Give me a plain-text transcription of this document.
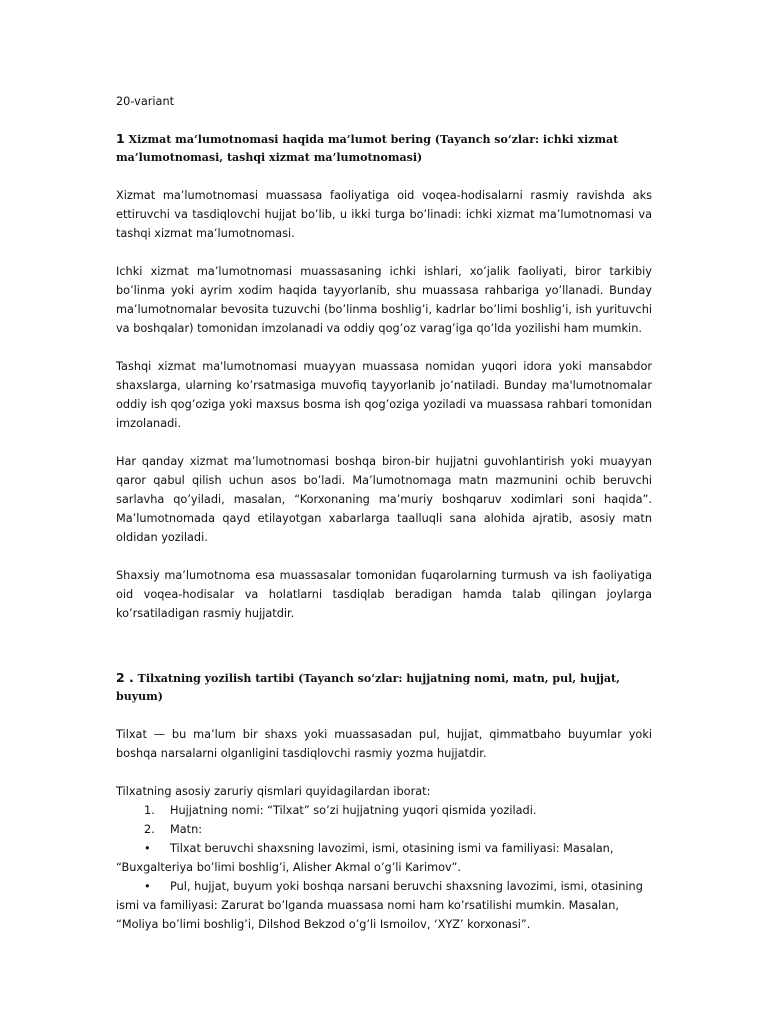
20-variant

1 Xizmat ma’lumotnomasi haqida ma’lumot bering (Tayanch so‘zlar: ichki xizmat ma’lumotnomasi, tashqi xizmat ma’lumotnomasi)

Xizmat ma’lumotnomasi muassasa faoliyatiga oid voqea-hodisalarni rasmiy ravishda aks ettiruvchi va tasdiqlovchi hujjat bo’lib, u ikki turga bo’linadi: ichki xizmat ma’lumotnomasi va tashqi xizmat ma’lumotnomasi.

Ichki xizmat ma’lumotnomasi muassasaning ichki ishlari, xo’jalik faoliyati, biror tarkibiy bo’linma yoki ayrim xodim haqida tayyorlanib, shu muassasa rahbariga yo’llanadi. Bunday ma’lumotnomalar bevosita tuzuvchi (bo’linma boshlig’i, kadrlar bo’limi boshlig’i, ish yurituvchi va boshqalar) tomonidan imzolanadi va oddiy qog’oz varag’iga qo’lda yozilishi ham mumkin.

Tashqi xizmat ma'lumotnomasi muayyan muassasa nomidan yuqori idora yoki mansabdor shaxslarga, ularning ko’rsatmasiga muvofiq tayyorlanib jo’natiladi. Bunday ma'lumotnomalar oddiy ish qog’oziga yoki maxsus bosma ish qog’oziga yoziladi va muassasa rahbari tomonidan imzolanadi.

Har qanday xizmat ma’lumotnomasi boshqa biron-bir hujjatni guvohlantirish yoki muayyan qaror qabul qilish uchun asos bo’ladi. Ma’lumotnomaga matn mazmunini ochib beruvchi sarlavha qo’yiladi, masalan, “Korxonaning ma’muriy boshqaruv xodimlari soni haqida”. Ma’lumotnomada qayd etilayotgan xabarlarga taalluqli sana alohida ajratib, asosiy matn oldidan yoziladi.

Shaxsiy ma’lumotnoma esa muassasalar tomonidan fuqarolarning turmush va ish faoliyatiga oid voqea-hodisalar va holatlarni tasdiqlab beradigan hamda talab qilingan joylarga ko’rsatiladigan rasmiy hujjatdir.

2 . Tilxatning yozilish tartibi (Tayanch so‘zlar: hujjatning nomi, matn, pul, hujjat, buyum)

Tilxat — bu ma’lum bir shaxs yoki muassasadan pul, hujjat, qimmatbaho buyumlar yoki boshqa narsalarni olganligini tasdiqlovchi rasmiy yozma hujjatdir.

Tilxatning asosiy zaruriy qismlari quyidagilardan iborat:

1. Hujjatning nomi: “Tilxat” so’zi hujjatning yuqori qismida yoziladi.

2. Matn:

• Tilxat beruvchi shaxsning lavozimi, ismi, otasining ismi va familiyasi: Masalan, “Buxgalteriya bo’limi boshlig’i, Alisher Akmal o’g’li Karimov”.

• Pul, hujjat, buyum yoki boshqa narsani beruvchi shaxsning lavozimi, ismi, otasining ismi va familiyasi: Zarurat bo’lganda muassasa nomi ham ko’rsatilishi mumkin. Masalan, “Moliya bo’limi boshlig’i, Dilshod Bekzod o’g’li Ismoilov, ‘XYZ’ korxonasi”.
